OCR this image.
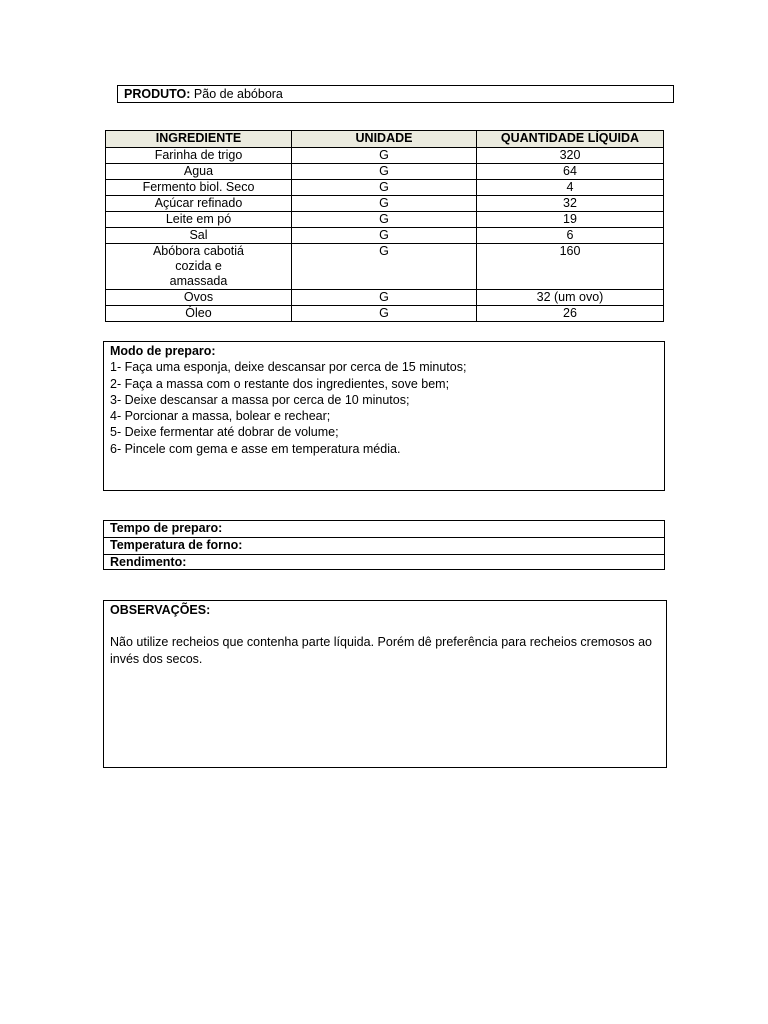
PRODUTO: Pão de abóbora
INGREDIENTE	UNIDADE	QUANTIDADE LÍQUIDA
Farinha de trigo	G	320
Agua	G	64
Fermento biol. Seco	G	4
Açúcar refinado	G	32
Leite em pó	G	19
Sal	G	6
Abóbora cabotiá cozida e amassada	G	160
Ovos	G	32 (um ovo)
Óleo	G	26
Modo de preparo:
1- Faça uma esponja, deixe descansar por cerca de 15 minutos;
2- Faça a massa com o restante dos ingredientes, sove bem;
3- Deixe descansar a massa por cerca de 10 minutos;
4- Porcionar a massa, bolear e rechear;
5- Deixe fermentar até dobrar de volume;
6- Pincele com gema e asse em temperatura média.
Tempo de preparo:
Temperatura de forno:
Rendimento:
OBSERVAÇÕES:
Não utilize recheios que contenha parte líquida. Porém dê preferência para recheios cremosos ao invés dos secos.
